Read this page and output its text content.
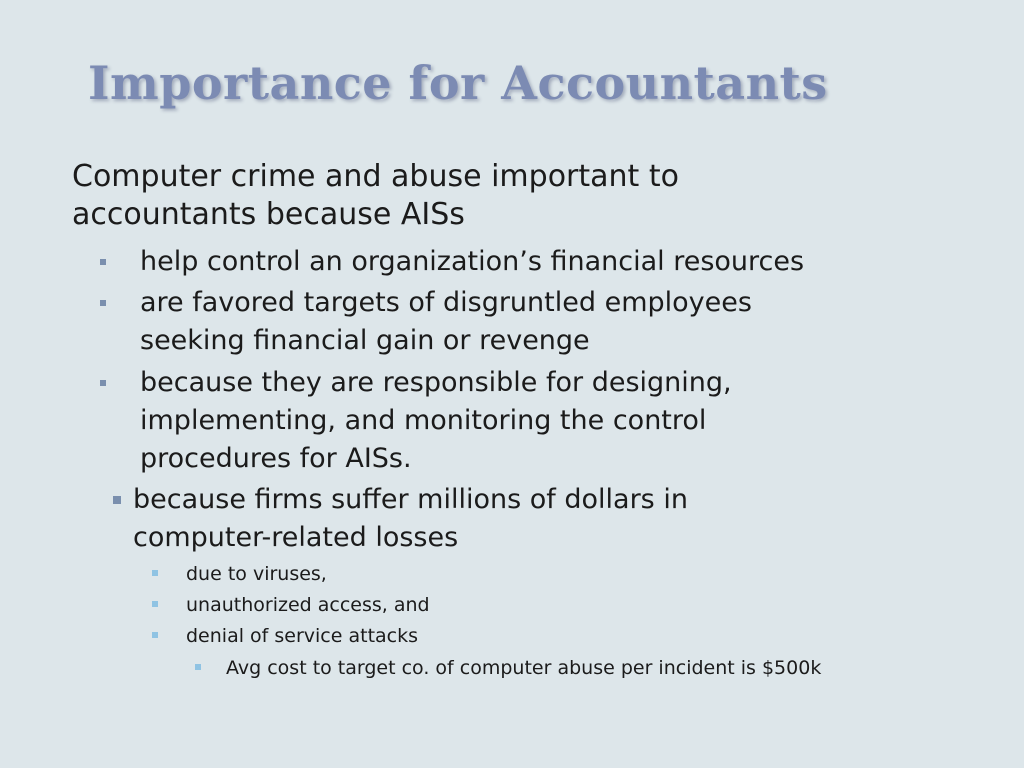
Importance for Accountants

Computer crime and abuse important to accountants because AISs

help control an organization’s financial resources
are favored targets of disgruntled employees seeking financial gain or revenge
because they are responsible for designing, implementing, and monitoring the control procedures for AISs.
because firms suffer millions of dollars in computer-related losses
due to viruses,
unauthorized access, and
denial of service attacks
Avg cost to target co. of computer abuse per incident is $500k
